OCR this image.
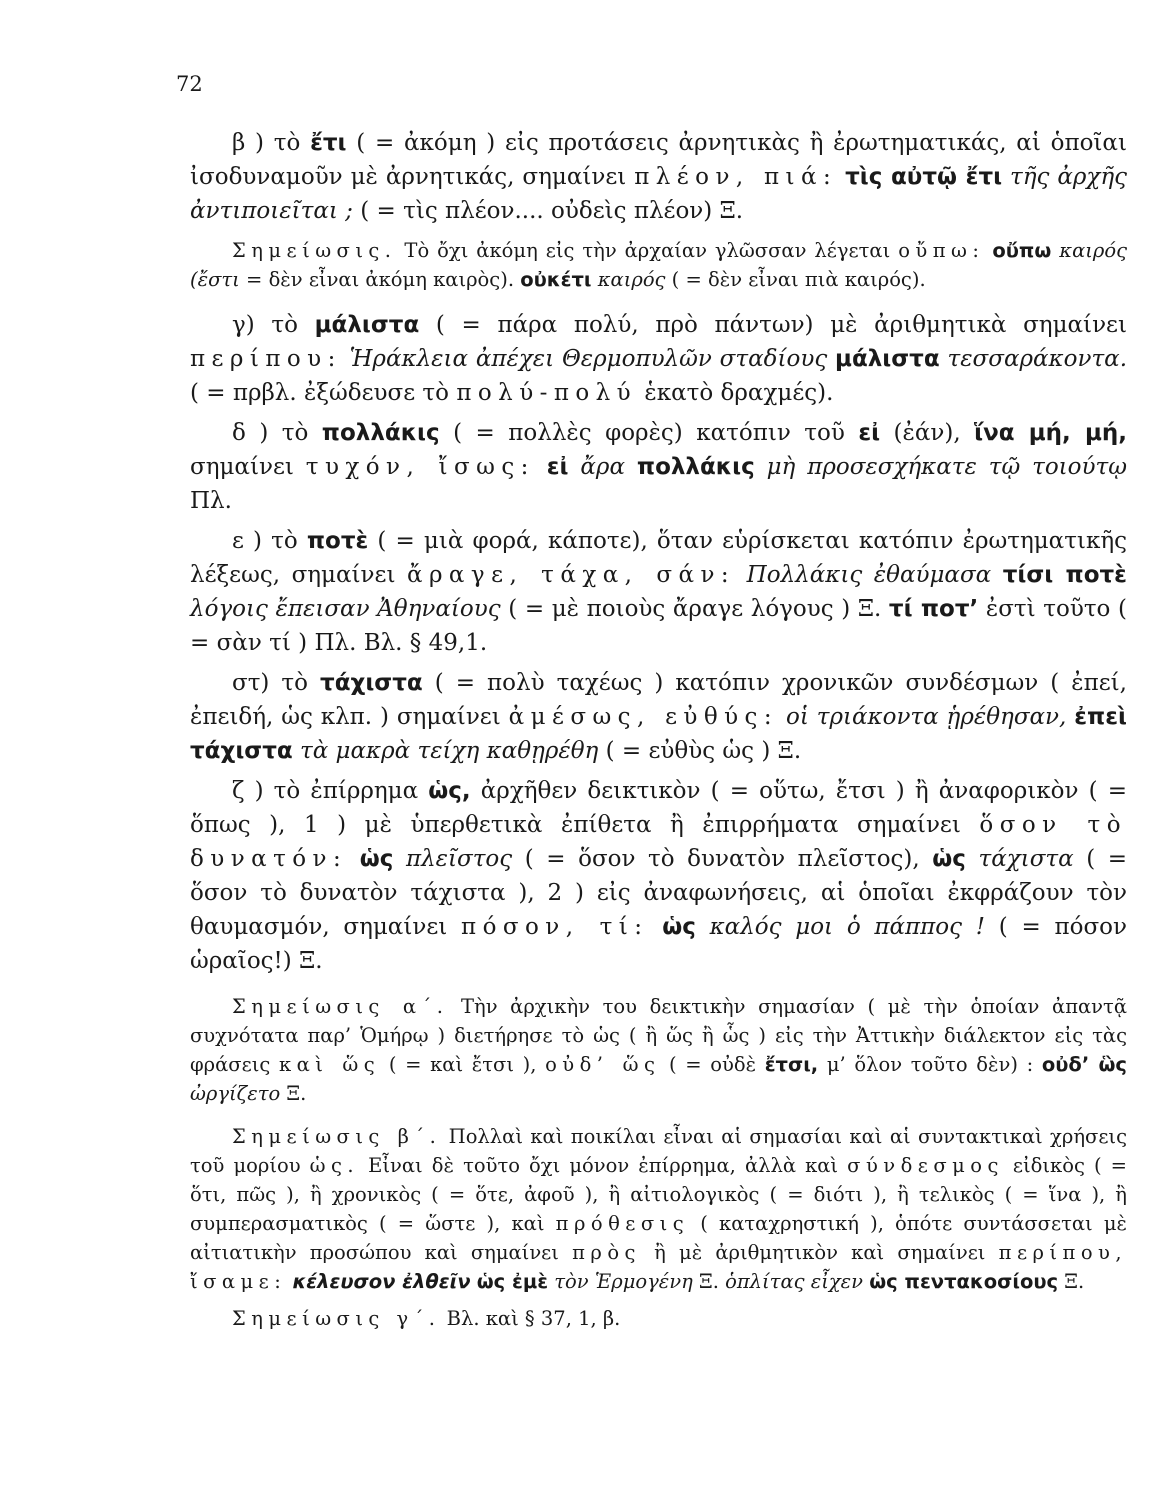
72

β ) τὸ ἔτι ( = ἀκόμη ) εἰς προτάσεις ἀρνητικὰς ἢ ἐρωτηματικάς, αἱ ὁποῖαι ἰσοδυναμοῦν μὲ ἀρνητικάς, σημαίνει πλέον, πιά: τὶς αὐτῷ ἔτι τῆς ἀρχῆς ἀντιποιεῖται ; ( = τὶς πλέον.... οὐδεὶς πλέον) Ξ.

Σημείωσις. Τὸ ὄχι ἀκόμη εἰς τὴν ἀρχαίαν γλῶσσαν λέγεται οὔπω: οὔπω καιρός (ἔστι = δὲν εἶναι ἀκόμη καιρὸς). οὐκέτι καιρός ( = δὲν εἶναι πιὰ καιρός).

γ) τὸ μάλιστα ( = πάρα πολύ, πρὸ πάντων) μὲ ἀριθμητικὰ σημαίνει περίπου: Ἡράκλεια ἀπέχει Θερμοπυλῶν σταδίους μάλιστα τεσσαράκοντα. ( = πρβλ. ἐξώδευσε τὸ πολύ-πολύ ἑκατὸ δραχμές).

δ ) τὸ πολλάκις ( = πολλὲς φορὲς) κατόπιν τοῦ εἰ (ἐάν), ἵνα μή, μή, σημαίνει τυχόν, ἴσως: εἰ ἄρα πολλάκις μὴ προσεσχήκατε τῷ τοιούτῳ Πλ.

ε ) τὸ ποτὲ ( = μιὰ φορά, κάποτε), ὅταν εὑρίσκεται κατόπιν ἐρωτηματικῆς λέξεως, σημαίνει ἄραγε, τάχα, σάν: Πολλάκις ἐθαύμασα τίσι ποτὲ λόγοις ἔπεισαν Ἀθηναίους ( = μὲ ποιοὺς ἄραγε λόγους ) Ξ. τί ποτ’ ἐστὶ τοῦτο ( = σὰν τί ) Πλ. Βλ. § 49,1.

στ) τὸ τάχιστα ( = πολὺ ταχέως ) κατόπιν χρονικῶν συνδέσμων ( ἐπεί, ἐπειδή, ὡς κλπ. ) σημαίνει ἀμέσως, εὐθύς: οἱ τριάκοντα ᾑρέθησαν, ἐπεὶ τάχιστα τὰ μακρὰ τείχη καθῃρέθη ( = εὐθὺς ὡς ) Ξ.

ζ ) τὸ ἐπίρρημα ὡς, ἀρχῆθεν δεικτικὸν ( = οὕτω, ἔτσι ) ἢ ἀναφορικὸν ( = ὅπως ), 1 ) μὲ ὑπερθετικὰ ἐπίθετα ἢ ἐπιρρήματα σημαίνει ὅσον τὸ δυνατόν: ὡς πλεῖστος ( = ὅσον τὸ δυνατὸν πλεῖστος), ὡς τάχιστα ( = ὅσον τὸ δυνατὸν τάχιστα ), 2 ) εἰς ἀναφωνήσεις, αἱ ὁποῖαι ἐκφράζουν τὸν θαυμασμόν, σημαίνει πόσον, τί: ὡς καλός μοι ὁ πάππος ! ( = πόσον ὡραῖος!) Ξ.

Σημείωσις α΄. Τὴν ἀρχικὴν του δεικτικὴν σημασίαν ( μὲ τὴν ὁποίαν ἀπαντᾷ συχνότατα παρ’ Ὁμήρῳ ) διετήρησε τὸ ὡς ( ἢ ὥς ἢ ὧς ) εἰς τὴν Ἀττικὴν διάλεκτον εἰς τὰς φράσεις καὶ ὥς ( = καὶ ἔτσι ), οὐδ’ ὥς ( = οὐδὲ ἔτσι, μ’ ὅλον τοῦτο δὲν) : οὐδ’ ὣς ὠργίζετο Ξ.

Σημείωσις β΄. Πολλαὶ καὶ ποικίλαι εἶναι αἱ σημασίαι καὶ αἱ συντακτικαὶ χρήσεις τοῦ μορίου ὡς. Εἶναι δὲ τοῦτο ὄχι μόνον ἐπίρρημα, ἀλλὰ καὶ σύνδεσμος εἰδικὸς ( = ὅτι, πῶς ), ἢ χρονικὸς ( = ὅτε, ἀφοῦ ), ἢ αἰτιολογικὸς ( = διότι ), ἢ τελικὸς ( = ἵνα ), ἢ συμπερασματικὸς ( = ὥστε ), καὶ πρόθεσις ( καταχρηστική ), ὁπότε συντάσσεται μὲ αἰτιατικὴν προσώπου καὶ σημαίνει πρὸς ἢ μὲ ἀριθμητικὸν καὶ σημαίνει περίπου, ἴσαμε: κέλευσον ἐλθεῖν ὡς ἐμὲ τὸν Ἑρμογένη Ξ. ὁπλίτας εἶχεν ὡς πεντακοσίους Ξ.

Σημείωσις γ΄. Βλ. καὶ § 37, 1, β.
